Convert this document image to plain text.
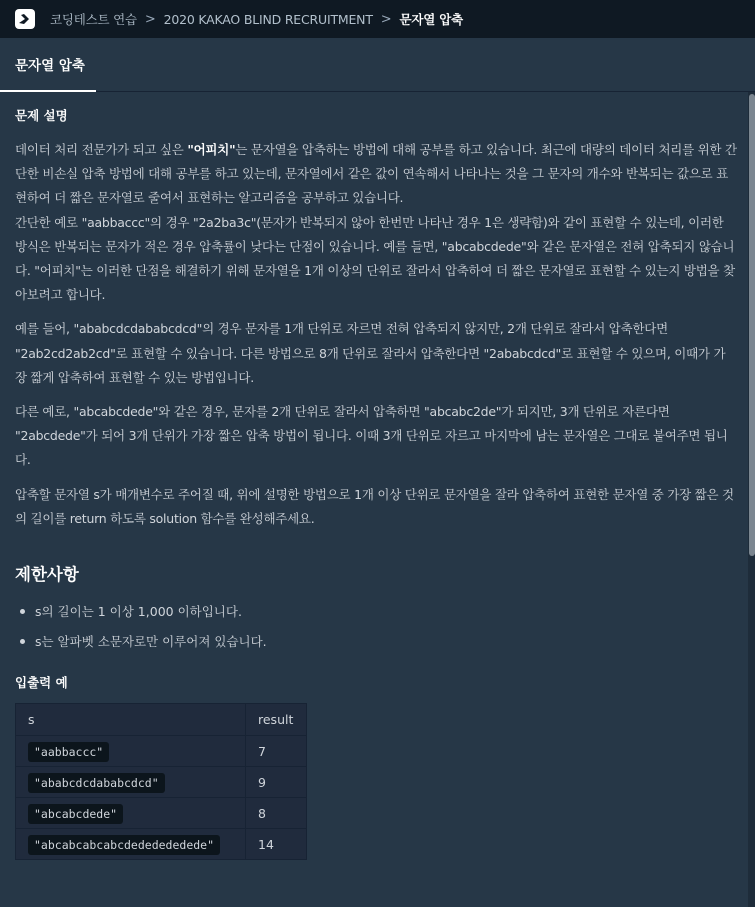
코딩테스트 연습 > 2020 KAKAO BLIND RECRUITMENT > 문자열 압축
문자열 압축
문제 설명

데이터 처리 전문가가 되고 싶은 "어피치"는 문자열을 압축하는 방법에 대해 공부를 하고 있습니다. 최근에 대량의 데이터 처리를 위한 간단한 비손실 압축 방법에 대해 공부를 하고 있는데, 문자열에서 같은 값이 연속해서 나타나는 것을 그 문자의 개수와 반복되는 값으로 표현하여 더 짧은 문자열로 줄여서 표현하는 알고리즘을 공부하고 있습니다.
간단한 예로 "aabbaccc"의 경우 "2a2ba3c"(문자가 반복되지 않아 한번만 나타난 경우 1은 생략함)와 같이 표현할 수 있는데, 이러한 방식은 반복되는 문자가 적은 경우 압축률이 낮다는 단점이 있습니다. 예를 들면, "abcabcdede"와 같은 문자열은 전혀 압축되지 않습니다. "어피치"는 이러한 단점을 해결하기 위해 문자열을 1개 이상의 단위로 잘라서 압축하여 더 짧은 문자열로 표현할 수 있는지 방법을 찾아보려고 합니다.

예를 들어, "ababcdcdababcdcd"의 경우 문자를 1개 단위로 자르면 전혀 압축되지 않지만, 2개 단위로 잘라서 압축한다면 "2ab2cd2ab2cd"로 표현할 수 있습니다. 다른 방법으로 8개 단위로 잘라서 압축한다면 "2ababcdcd"로 표현할 수 있으며, 이때가 가장 짧게 압축하여 표현할 수 있는 방법입니다.

다른 예로, "abcabcdede"와 같은 경우, 문자를 2개 단위로 잘라서 압축하면 "abcabc2de"가 되지만, 3개 단위로 자른다면 "2abcdede"가 되어 3개 단위가 가장 짧은 압축 방법이 됩니다. 이때 3개 단위로 자르고 마지막에 남는 문자열은 그대로 붙여주면 됩니다.

압축할 문자열 s가 매개변수로 주어질 때, 위에 설명한 방법으로 1개 이상 단위로 문자열을 잘라 압축하여 표현한 문자열 중 가장 짧은 것의 길이를 return 하도록 solution 함수를 완성해주세요.

제한사항
s의 길이는 1 이상 1,000 이하입니다.
s는 알파벳 소문자로만 이루어져 있습니다.
입출력 예
s	result
"aabbaccc"	7
"ababcdcdababcdcd"	9
"abcabcdede"	8
"abcabcabcabcdededededede"	14
